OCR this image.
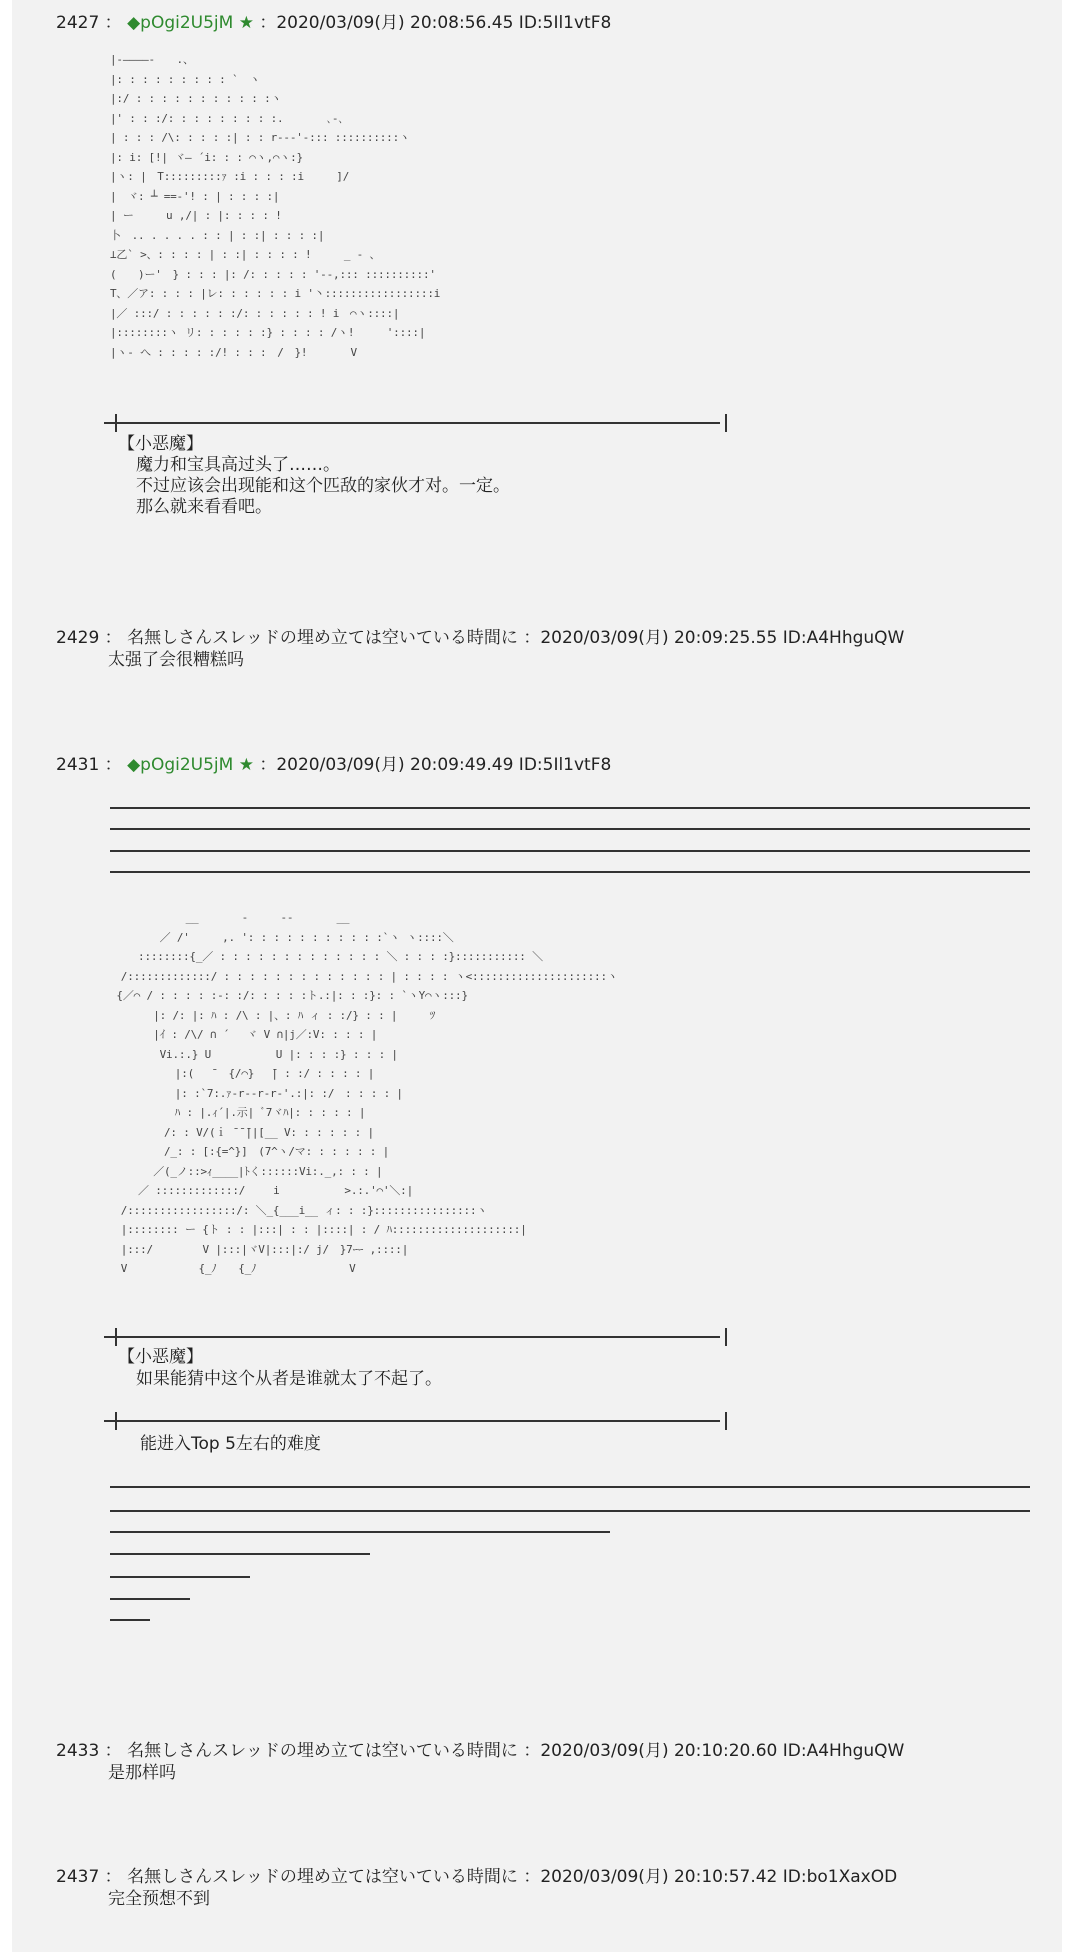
2427 ： ◆pOgi2U5jM ★ ：2020/03/09(月) 20:08:56.45 ID:5Il1vtF8
|-――――-　　.、
|: : : : : : : : : `　ヽ
|:/ : : : : : : : : : : :ヽ
|' : : :/: : : : : : : : :.　　　　､-､
| : : : /\: : : : :| : : r--‐'-::: ::::::::::ヽ
|: i: [!| ヾ― ´i: : : ⌒ヽ,⌒ヽ:}
|ヽ: |　T:::::::::ｧ :i : : : :i　　　]/
|　ヾ: ┴ ==-'! : | : : : :|
| ー　　　u ,/| : |: : : : !
卜　.. . . . . : : | : :| : : : :|
⊥乙` >、: : : : | : :| : : : : !　　　_ ‐ 、
(　　)ー'　} : : : |: /: : : : : '‐-,::: ::::::::::'
T、／ア: : : : |レ: : : : : : i '丶:::::::::::::::::i
|／ :::/ : : : : : :/: : : : : : ! i　⌒ヽ::::|
|::::::::ヽ リ: : : : : :} : : : : /ヽ!　　　'::::|
|ヽ- へ : : : : :/! : : :　/　}!　　　　V
【小恶魔】
魔力和宝具高过头了……。
不过应该会出现能和这个匹敌的家伙才对。一定。
那么就来看看吧。
2429 ： 名無しさんスレッドの埋め立ては空いている時間に ：2020/03/09(月) 20:09:25.55 ID:A4HhguQW
太强了会很糟糕吗
2431 ： ◆pOgi2U5jM ★ ：2020/03/09(月) 20:09:49.49 ID:5Il1vtF8
　　　　　　　__　　　　-　　　--　　　　__
　　　　 ／ /'　　　,. ': : : : : : : : : : :`ヽ ヽ::::＼
　　 ::::::::{_／ : : : : : : : : : : : : : ＼ : : : :}::::::::::: ＼
　/:::::::::::::/ : : : : : : : : : : : : : | : : : : ヽ<:::::::::::::::::::::ヽ
{／⌒ / : : : : :‐: :/: : : : :ト.:|: : :}: : `ヽY⌒ヽ:::}
　　　　|: /: |: ﾊ : /\ : |、: ﾊ ィ : :/} : : |　　　ﾂ
　　　　|ｲ : /\/ ∩ ´　 ヾ V ∩|j／:V: : : : |
　　　　 Vi.:.} U　　　　　　U |: : : :} : : : |
　　　　　　|:(　 ̄　 {/⌒}　 ̄| : :/ : : : : |
　　　　　　|: :`7:.ｧ‐r‐‐r‐r‐'.:|: :/　: : : : |
　　　　　　ﾊ : |.ｨ´|.示| ﾞ7ヾﾊ|: : : : : |
　　　　　/: : V/(ｉ ̄ ̄ ̄||[__ V: : : : : : |
　　　　　/_: : [:{=^}]　(7^ヽ/マ: : : : : : |
　　　　／(_ノ::>ｨ____|ﾄく::::::Vi:._,: : : |
　　 ／ :::::::::::::/　　 i　　　　　　>.:.'⌒'＼:|
　/:::::::::::::::::/: ＼_{___i__ ィ: : :}::::::::::::::::ヽ
　|:::::::: ー {ト : : |:::| : : |::::| : / ﾊ::::::::::::::::::::|
　|:::/　　　　 V |:::|ヾV|:::|:/ j/　}7ｰｰ ,::::|
　V　　　　　　 {_ﾉ　　{_ﾉ　　　　　　　　 V
【小恶魔】
如果能猜中这个从者是谁就太了不起了。
能进入Top 5左右的难度
2433 ： 名無しさんスレッドの埋め立ては空いている時間に ：2020/03/09(月) 20:10:20.60 ID:A4HhguQW
是那样吗
2437 ： 名無しさんスレッドの埋め立ては空いている時間に ：2020/03/09(月) 20:10:57.42 ID:bo1XaxOD
完全预想不到
